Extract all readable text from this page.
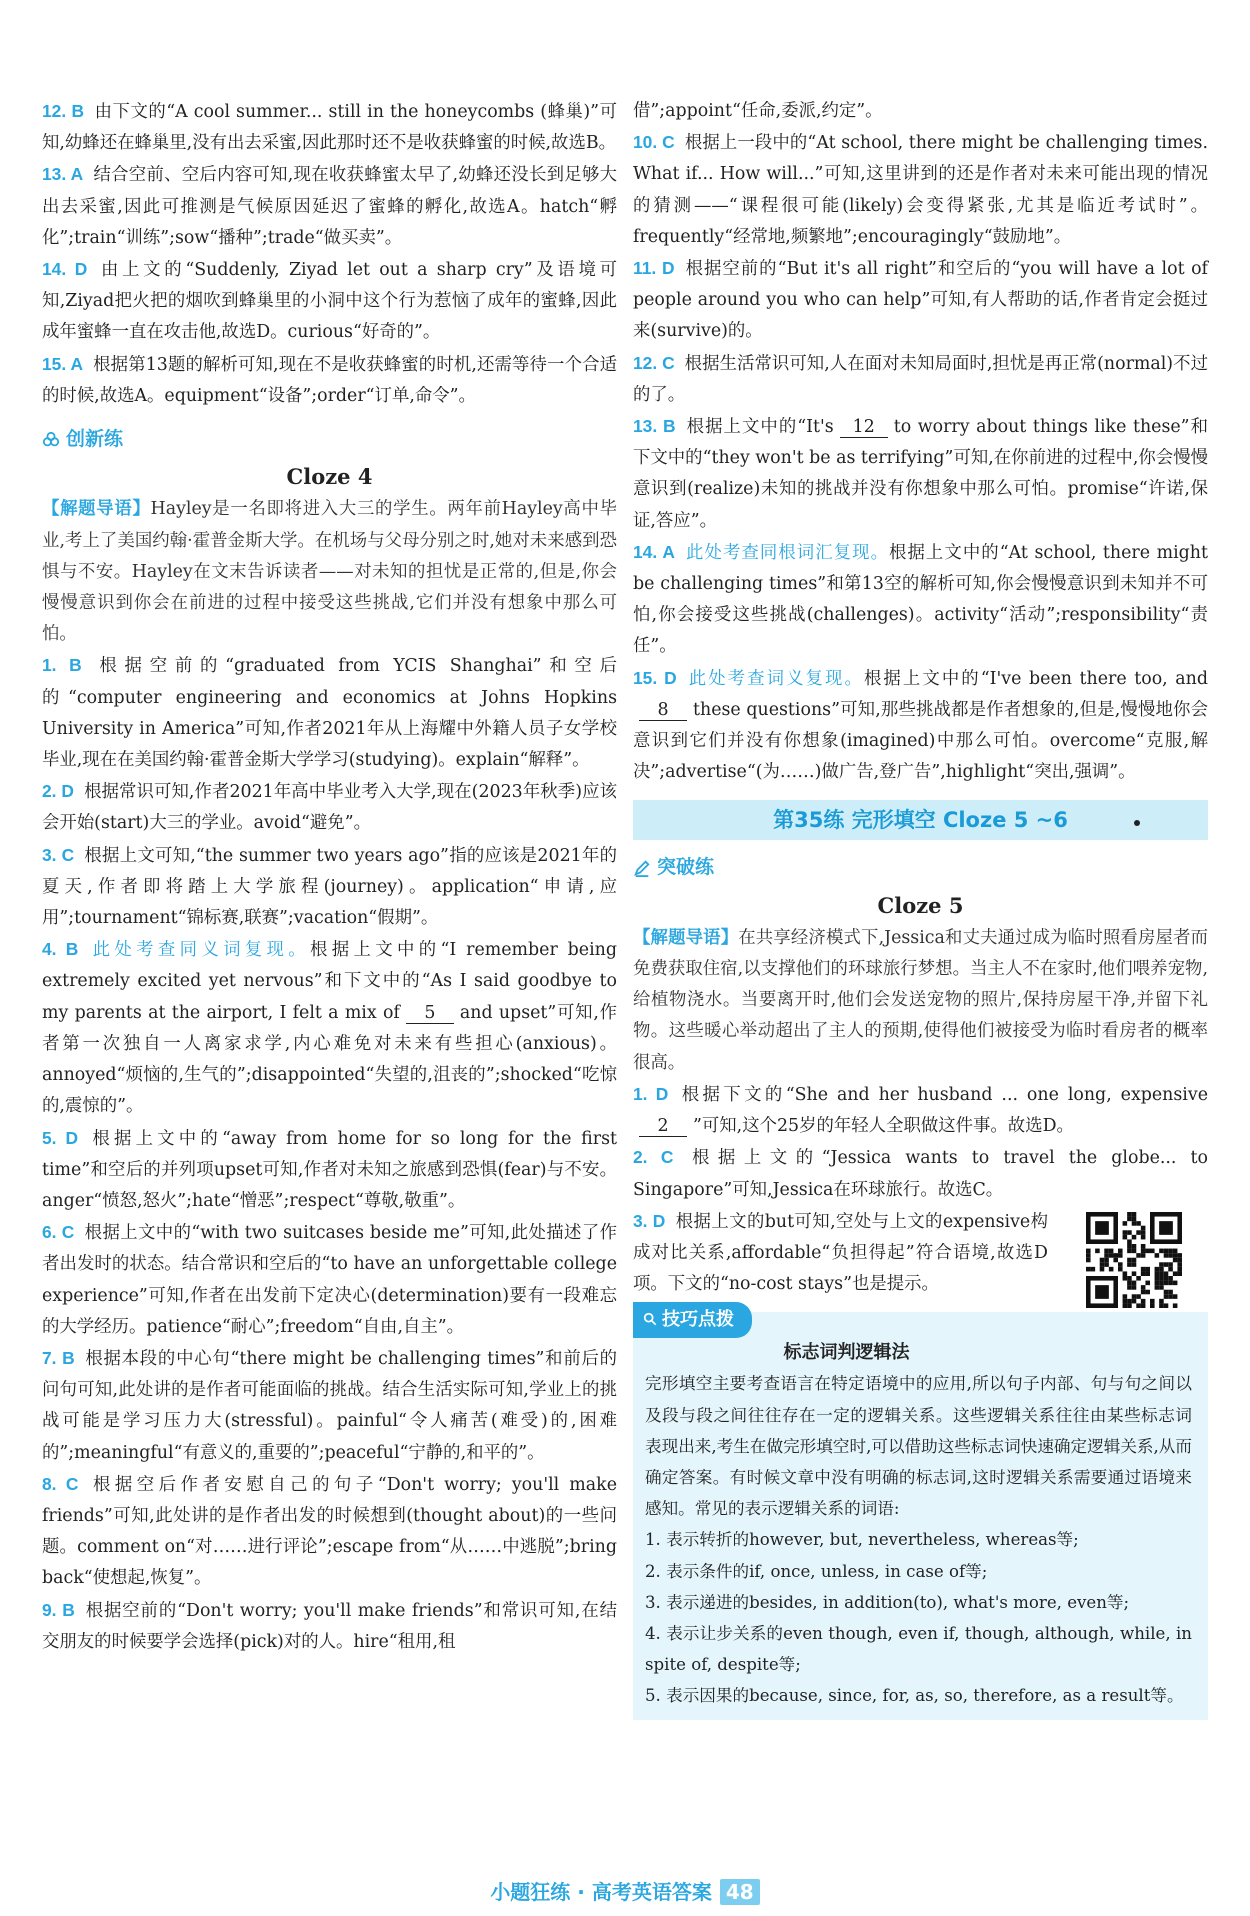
12. B 由下文的“A cool summer... still in the honeycombs (蜂巢)”可知,幼蜂还在蜂巢里,没有出去采蜜,因此那时还不是收获蜂蜜的时候,故选B。

13. A 结合空前、空后内容可知,现在收获蜂蜜太早了,幼蜂还没长到足够大出去采蜜,因此可推测是气候原因延迟了蜜蜂的孵化,故选A。hatch“孵化”;train“训练”;sow“播种”;trade“做买卖”。

14. D 由上文的“Suddenly, Ziyad let out a sharp cry”及语境可知,Ziyad把火把的烟吹到蜂巢里的小洞中这个行为惹恼了成年的蜜蜂,因此成年蜜蜂一直在攻击他,故选D。curious“好奇的”。

15. A 根据第13题的解析可知,现在不是收获蜂蜜的时机,还需等待一个合适的时候,故选A。equipment“设备”;order“订单,命令”。

创新练
Cloze 4

【解题导语】Hayley是一名即将进入大三的学生。两年前Hayley高中毕业,考上了美国约翰·霍普金斯大学。在机场与父母分别之时,她对未来感到恐惧与不安。Hayley在文末告诉读者——对未知的担忧是正常的,但是,你会慢慢意识到你会在前进的过程中接受这些挑战,它们并没有想象中那么可怕。

1. B 根据空前的“graduated from YCIS Shanghai”和空后的“computer engineering and economics at Johns Hopkins University in America”可知,作者2021年从上海耀中外籍人员子女学校毕业,现在在美国约翰·霍普金斯大学学习(studying)。explain“解释”。

2. D 根据常识可知,作者2021年高中毕业考入大学,现在(2023年秋季)应该会开始(start)大三的学业。avoid“避免”。

3. C 根据上文可知,“the summer two years ago”指的应该是2021年的夏天,作者即将踏上大学旅程(journey)。application“申请,应用”;tournament“锦标赛,联赛”;vacation“假期”。

4. B 此处考查同义词复现。根据上文中的“I remember being extremely excited yet nervous”和下文中的“As I said goodbye to my parents at the airport, I felt a mix of 5 and upset”可知,作者第一次独自一人离家求学,内心难免对未来有些担心(anxious)。annoyed“烦恼的,生气的”;disappointed“失望的,沮丧的”;shocked“吃惊的,震惊的”。

5. D 根据上文中的“away from home for so long for the first time”和空后的并列项upset可知,作者对未知之旅感到恐惧(fear)与不安。anger“愤怒,怒火”;hate“憎恶”;respect“尊敬,敬重”。

6. C 根据上文中的“with two suitcases beside me”可知,此处描述了作者出发时的状态。结合常识和空后的“to have an unforgettable college experience”可知,作者在出发前下定决心(determination)要有一段难忘的大学经历。patience“耐心”;freedom“自由,自主”。

7. B 根据本段的中心句“there might be challenging times”和前后的问句可知,此处讲的是作者可能面临的挑战。结合生活实际可知,学业上的挑战可能是学习压力大(stressful)。painful“令人痛苦(难受)的,困难的”;meaningful“有意义的,重要的”;peaceful“宁静的,和平的”。

8. C 根据空后作者安慰自己的句子“Don't worry; you'll make friends”可知,此处讲的是作者出发的时候想到(thought about)的一些问题。comment on“对……进行评论”;escape from“从……中逃脱”;bring back“使想起,恢复”。

9. B 根据空前的“Don't worry; you'll make friends”和常识可知,在结交朋友的时候要学会选择(pick)对的人。hire“租用,租

借”;appoint“任命,委派,约定”。

10. C 根据上一段中的“At school, there might be challenging times. What if... How will...”可知,这里讲到的还是作者对未来可能出现的情况的猜测——“课程很可能(likely)会变得紧张,尤其是临近考试时”。frequently“经常地,频繁地”;encouragingly“鼓励地”。

11. D 根据空前的“But it's all right”和空后的“you will have a lot of people around you who can help”可知,有人帮助的话,作者肯定会挺过来(survive)的。

12. C 根据生活常识可知,人在面对未知局面时,担忧是再正常(normal)不过的了。

13. B 根据上文中的“It's 12 to worry about things like these”和下文中的“they won't be as terrifying”可知,在你前进的过程中,你会慢慢意识到(realize)未知的挑战并没有你想象中那么可怕。promise“许诺,保证,答应”。

14. A 此处考查同根词汇复现。根据上文中的“At school, there might be challenging times”和第13空的解析可知,你会慢慢意识到未知并不可怕,你会接受这些挑战(challenges)。activity“活动”;responsibility“责任”。

15. D 此处考查词义复现。根据上文中的“I've been there too, and8 these questions”可知,那些挑战都是作者想象的,但是,慢慢地你会意识到它们并没有你想象(imagined)中那么可怕。overcome“克服,解决”;advertise“(为……)做广告,登广告”,highlight“突出,强调”。

第35练 完形填空 Cloze 5 ~6
突破练
Cloze 5

【解题导语】在共享经济模式下,Jessica和丈夫通过成为临时照看房屋者而免费获取住宿,以支撑他们的环球旅行梦想。当主人不在家时,他们喂养宠物,给植物浇水。当要离开时,他们会发送宠物的照片,保持房屋干净,并留下礼物。这些暖心举动超出了主人的预期,使得他们被接受为临时看房者的概率很高。

1. D 根据下文的“She and her husband ... one long, expensive2 ”可知,这个25岁的年轻人全职做这件事。故选D。

2. C 根据上文的“Jessica wants to travel the globe... to Singapore”可知,Jessica在环球旅行。故选C。

3. D 根据上文的but可知,空处与上文的expensive构成对比关系,affordable“负担得起”符合语境,故选D项。下文的“no-cost stays”也是提示。

技巧点拨
标志词判逻辑法

完形填空主要考查语言在特定语境中的应用,所以句子内部、句与句之间以及段与段之间往往存在一定的逻辑关系。这些逻辑关系往往由某些标志词表现出来,考生在做完形填空时,可以借助这些标志词快速确定逻辑关系,从而确定答案。有时候文章中没有明确的标志词,这时逻辑关系需要通过语境来感知。常见的表示逻辑关系的词语:

1. 表示转折的however, but, nevertheless, whereas等;

2. 表示条件的if, once, unless, in case of等;

3. 表示递进的besides, in addition(to), what's more, even等;

4. 表示让步关系的even though, even if, though, although, while, in spite of, despite等;

5. 表示因果的because, since, for, as, so, therefore, as a result等。

小题狂练 · 高考英语答案 48
